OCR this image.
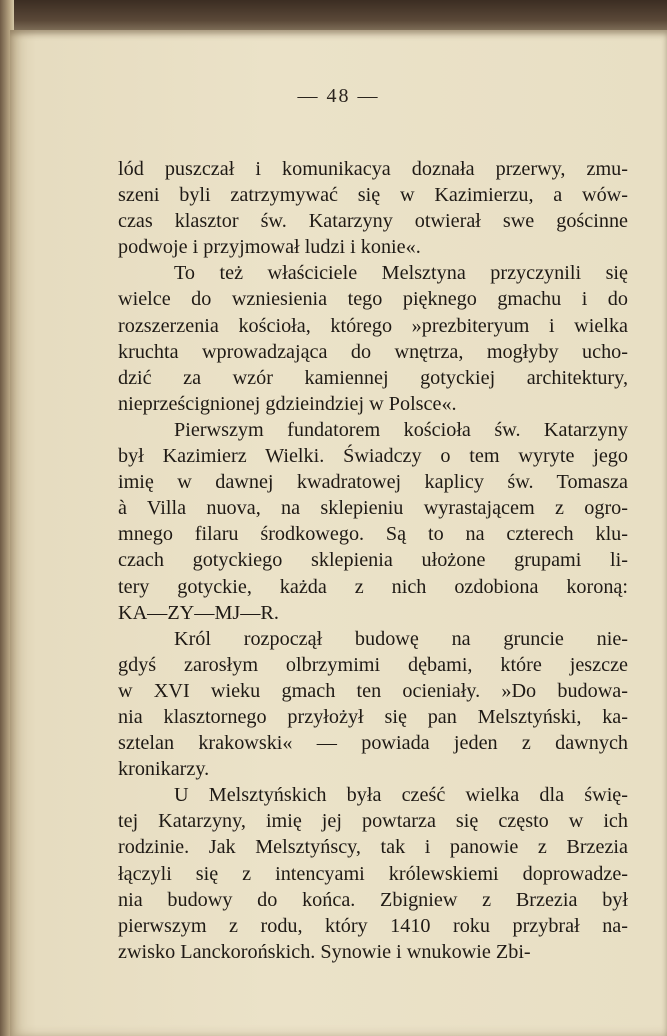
— 48 —
lód puszczał i komunikacya doznała przerwy, zmu-
szeni byli zatrzymywać się w Kazimierzu, a wów-
czas klasztor św. Katarzyny otwierał swe gościnne
podwoje i przyjmował ludzi i konie«.
To też właściciele Melsztyna przyczynili się
wielce do wzniesienia tego pięknego gmachu i do
rozszerzenia kościoła, którego »prezbiteryum i wielka
kruchta wprowadzająca do wnętrza, mogłyby ucho-
dzić za wzór kamiennej gotyckiej architektury,
nieprześcignionej gdzieindziej w Polsce«.
Pierwszym fundatorem kościoła św. Katarzyny
był Kazimierz Wielki. Świadczy o tem wyryte jego
imię w dawnej kwadratowej kaplicy św. Tomasza
à Villa nuova, na sklepieniu wyrastającem z ogro-
mnego filaru środkowego. Są to na czterech klu-
czach gotyckiego sklepienia ułożone grupami li-
tery gotyckie, każda z nich ozdobiona koroną:
KA—ZY—MJ—R.
Król rozpoczął budowę na gruncie nie-
gdyś zarosłym olbrzymimi dębami, które jeszcze
w XVI wieku gmach ten ocieniały. »Do budowa-
nia klasztornego przyłożył się pan Melsztyński, ka-
sztelan krakowski« — powiada jeden z dawnych
kronikarzy.
U Melsztyńskich była cześć wielka dla świę-
tej Katarzyny, imię jej powtarza się często w ich
rodzinie. Jak Melsztyńscy, tak i panowie z Brzezia
łączyli się z intencyami królewskiemi doprowadze-
nia budowy do końca. Zbigniew z Brzezia był
pierwszym z rodu, który 1410 roku przybrał na-
zwisko Lanckorońskich. Synowie i wnukowie Zbi-
